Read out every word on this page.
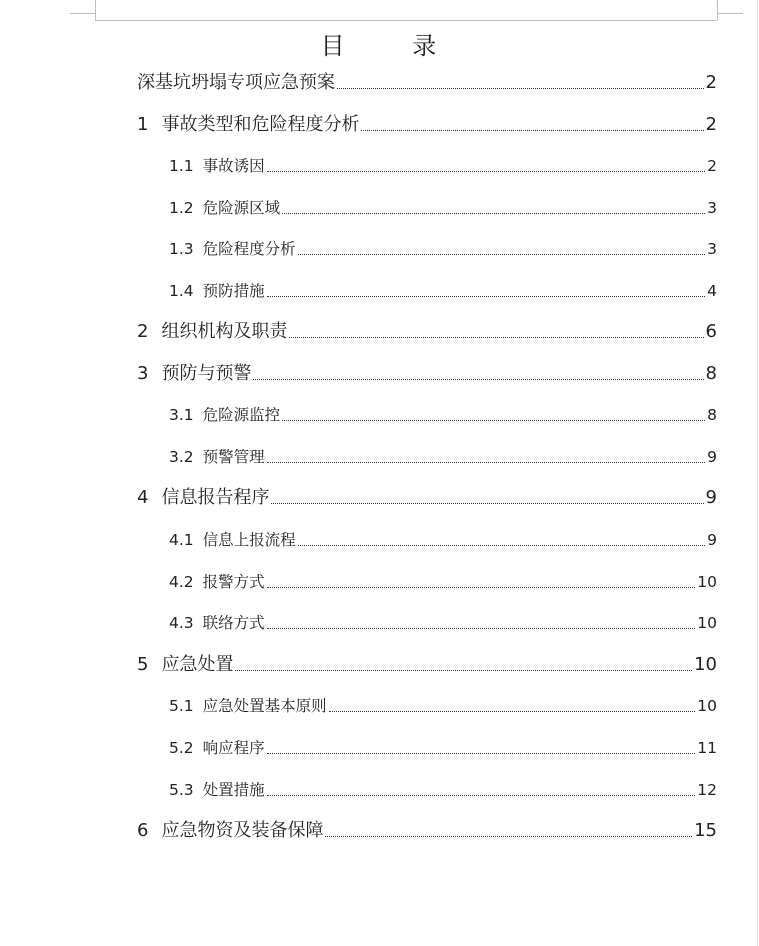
目 录
深基坑坍塌专项应急预案	2
1 事故类型和危险程度分析	2
1.1 事故诱因	2
1.2 危险源区域	3
1.3 危险程度分析	3
1.4 预防措施	4
2 组织机构及职责	6
3 预防与预警	8
3.1 危险源监控	8
3.2 预警管理	9
4 信息报告程序	9
4.1 信息上报流程	9
4.2 报警方式	10
4.3 联络方式	10
5 应急处置	10
5.1 应急处置基本原则	10
5.2 响应程序	11
5.3 处置措施	12
6 应急物资及装备保障	15
